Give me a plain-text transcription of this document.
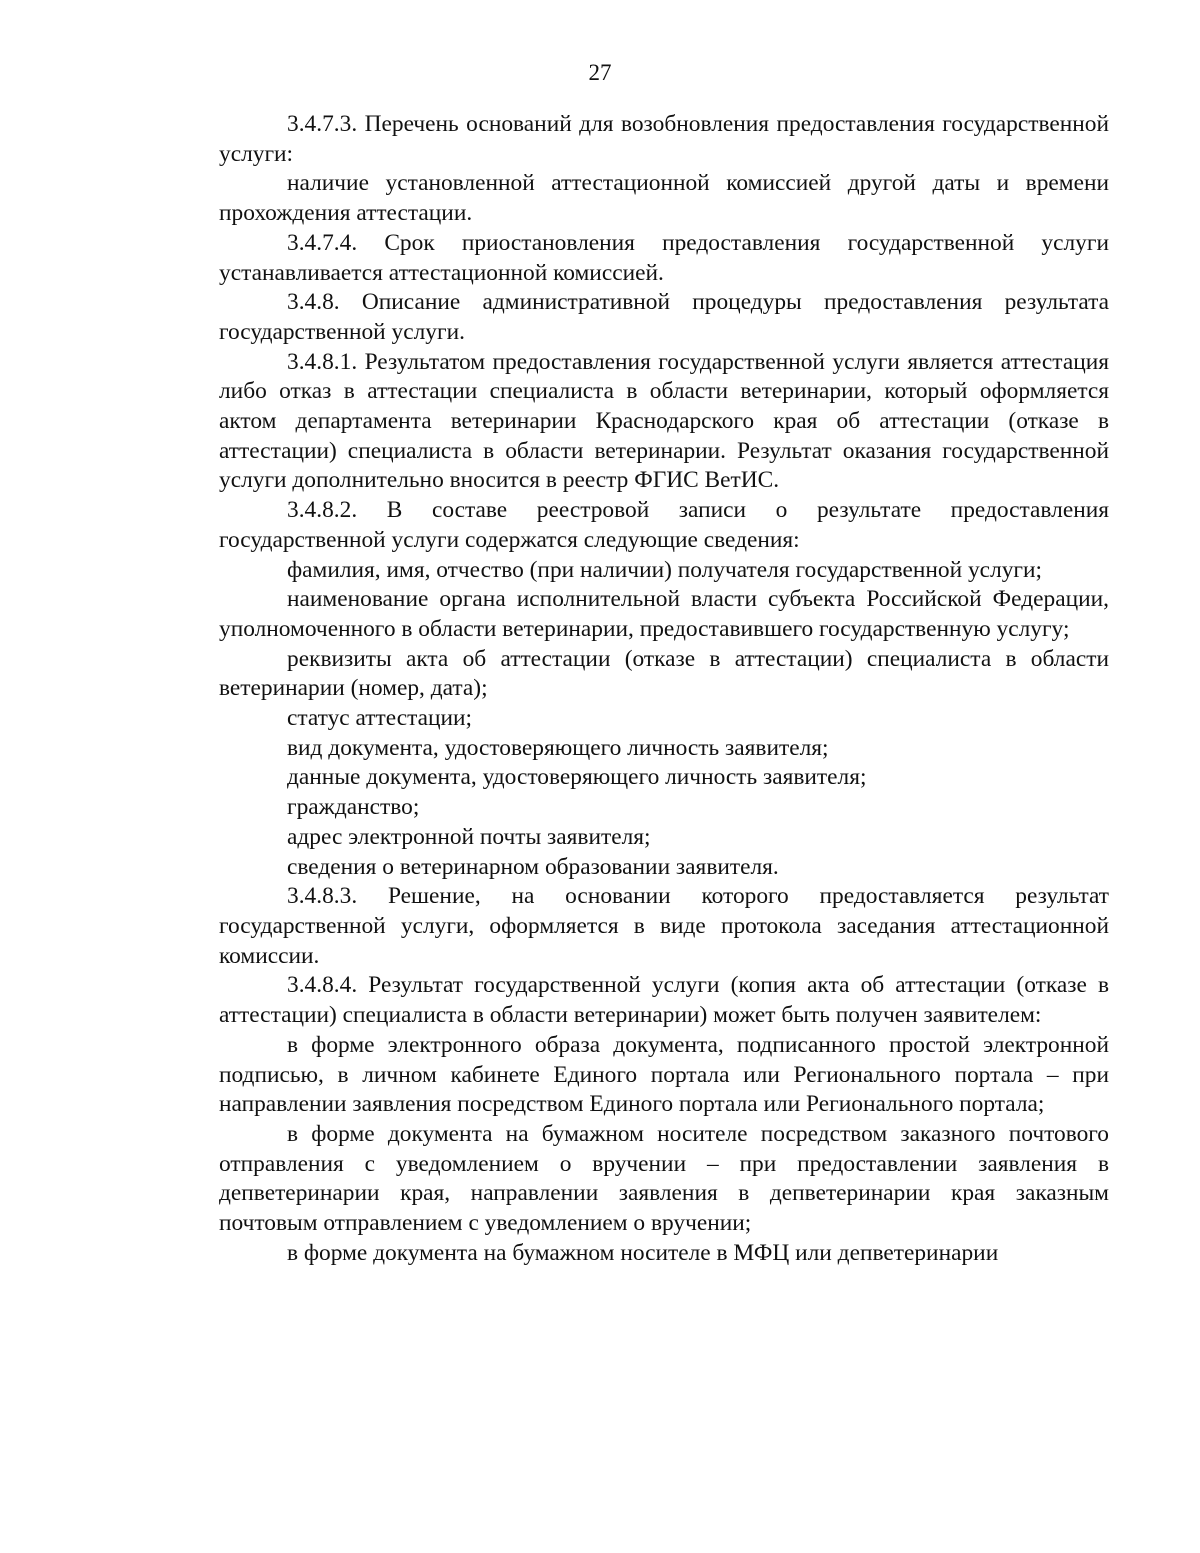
27

3.4.7.3. Перечень оснований для возобновления предоставления государственной услуги:

наличие установленной аттестационной комиссией другой даты и времени прохождения аттестации.

3.4.7.4. Срок приостановления предоставления государственной услуги устанавливается аттестационной комиссией.

3.4.8. Описание административной процедуры предоставления результата государственной услуги.

3.4.8.1. Результатом предоставления государственной услуги является аттестация либо отказ в аттестации специалиста в области ветеринарии, который оформляется актом департамента ветеринарии Краснодарского края об аттестации (отказе в аттестации) специалиста в области ветеринарии. Результат оказания государственной услуги дополнительно вносится в реестр ФГИС ВетИС.

3.4.8.2. В составе реестровой записи о результате предоставления государственной услуги содержатся следующие сведения:

фамилия, имя, отчество (при наличии) получателя государственной услуги;

наименование органа исполнительной власти субъекта Российской Федерации, уполномоченного в области ветеринарии, предоставившего государственную услугу;

реквизиты акта об аттестации (отказе в аттестации) специалиста в области ветеринарии (номер, дата);

статус аттестации;

вид документа, удостоверяющего личность заявителя;

данные документа, удостоверяющего личность заявителя;

гражданство;

адрес электронной почты заявителя;

сведения о ветеринарном образовании заявителя.

3.4.8.3. Решение, на основании которого предоставляется результат государственной услуги, оформляется в виде протокола заседания аттестационной комиссии.

3.4.8.4. Результат государственной услуги (копия акта об аттестации (отказе в аттестации) специалиста в области ветеринарии) может быть получен заявителем:

в форме электронного образа документа, подписанного простой электронной подписью, в личном кабинете Единого портала или Регионального портала – при направлении заявления посредством Единого портала или Регионального портала;

в форме документа на бумажном носителе посредством заказного почтового отправления с уведомлением о вручении – при предоставлении заявления в депветеринарии края, направлении заявления в депветеринарии края заказным почтовым отправлением с уведомлением о вручении;

в форме документа на бумажном носителе в МФЦ или депветеринарии
